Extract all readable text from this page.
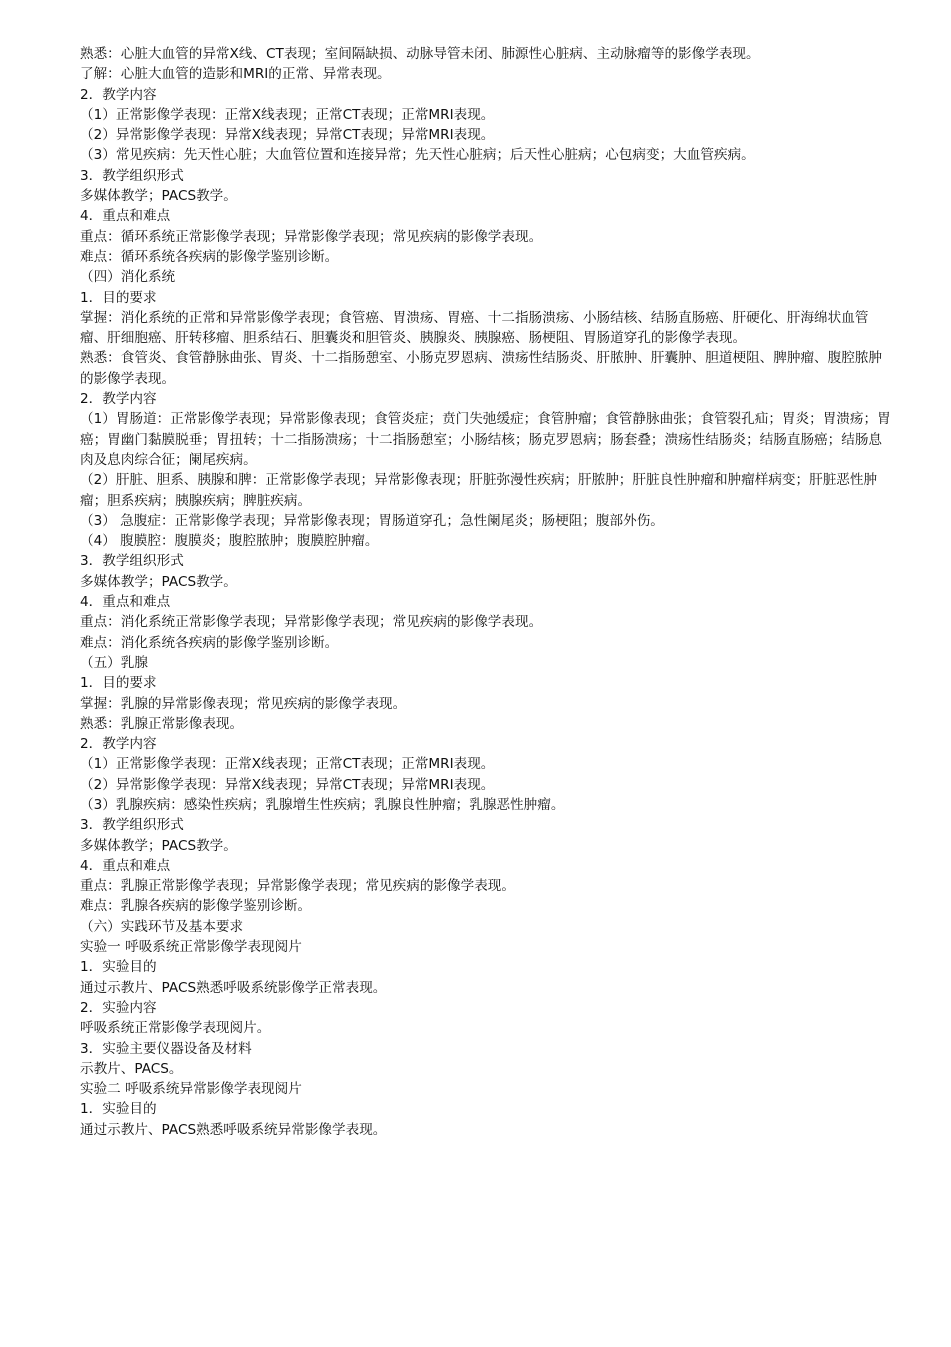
熟悉：心脏大血管的异常X线、CT表现；室间隔缺损、动脉导管未闭、肺源性心脏病、主动脉瘤等的影像学表现。

了解：心脏大血管的造影和MRI的正常、异常表现。

2．教学内容

（1）正常影像学表现：正常X线表现；正常CT表现；正常MRI表现。

（2）异常影像学表现：异常X线表现；异常CT表现；异常MRI表现。

（3）常见疾病：先天性心脏；大血管位置和连接异常；先天性心脏病；后天性心脏病；心包病变；大血管疾病。

3．教学组织形式

多媒体教学；PACS教学。

4．重点和难点

重点：循环系统正常影像学表现；异常影像学表现；常见疾病的影像学表现。

难点：循环系统各疾病的影像学鉴别诊断。

（四）消化系统

1．目的要求

掌握：消化系统的正常和异常影像学表现；食管癌、胃溃疡、胃癌、十二指肠溃疡、小肠结核、结肠直肠癌、肝硬化、肝海绵状血管瘤、肝细胞癌、肝转移瘤、胆系结石、胆囊炎和胆管炎、胰腺炎、胰腺癌、肠梗阻、胃肠道穿孔的影像学表现。

熟悉：食管炎、食管静脉曲张、胃炎、十二指肠憩室、小肠克罗恩病、溃疡性结肠炎、肝脓肿、肝囊肿、胆道梗阻、脾肿瘤、腹腔脓肿的影像学表现。

2．教学内容

（1）胃肠道：正常影像学表现；异常影像表现；食管炎症；贲门失弛缓症；食管肿瘤；食管静脉曲张；食管裂孔疝；胃炎；胃溃疡；胃癌；胃幽门黏膜脱垂；胃扭转；十二指肠溃疡；十二指肠憩室；小肠结核；肠克罗恩病；肠套叠；溃疡性结肠炎；结肠直肠癌；结肠息肉及息肉综合征；阑尾疾病。

（2）肝脏、胆系、胰腺和脾：正常影像学表现；异常影像表现；肝脏弥漫性疾病；肝脓肿；肝脏良性肿瘤和肿瘤样病变；肝脏恶性肿瘤；胆系疾病；胰腺疾病；脾脏疾病。

（3） 急腹症：正常影像学表现；异常影像表现；胃肠道穿孔；急性阑尾炎；肠梗阻；腹部外伤。

（4） 腹膜腔：腹膜炎；腹腔脓肿；腹膜腔肿瘤。

3．教学组织形式

多媒体教学；PACS教学。

4．重点和难点

重点：消化系统正常影像学表现；异常影像学表现；常见疾病的影像学表现。

难点：消化系统各疾病的影像学鉴别诊断。

（五）乳腺

1．目的要求

掌握：乳腺的异常影像表现；常见疾病的影像学表现。

熟悉：乳腺正常影像表现。

2．教学内容

（1）正常影像学表现：正常X线表现；正常CT表现；正常MRI表现。

（2）异常影像学表现：异常X线表现；异常CT表现；异常MRI表现。

（3）乳腺疾病：感染性疾病；乳腺增生性疾病；乳腺良性肿瘤；乳腺恶性肿瘤。

3．教学组织形式

多媒体教学；PACS教学。

4．重点和难点

重点：乳腺正常影像学表现；异常影像学表现；常见疾病的影像学表现。

难点：乳腺各疾病的影像学鉴别诊断。

（六）实践环节及基本要求

实验一 呼吸系统正常影像学表现阅片

1．实验目的

通过示教片、PACS熟悉呼吸系统影像学正常表现。

2．实验内容

呼吸系统正常影像学表现阅片。

3．实验主要仪器设备及材料

示教片、PACS。

实验二 呼吸系统异常影像学表现阅片

1．实验目的

通过示教片、PACS熟悉呼吸系统异常影像学表现。
